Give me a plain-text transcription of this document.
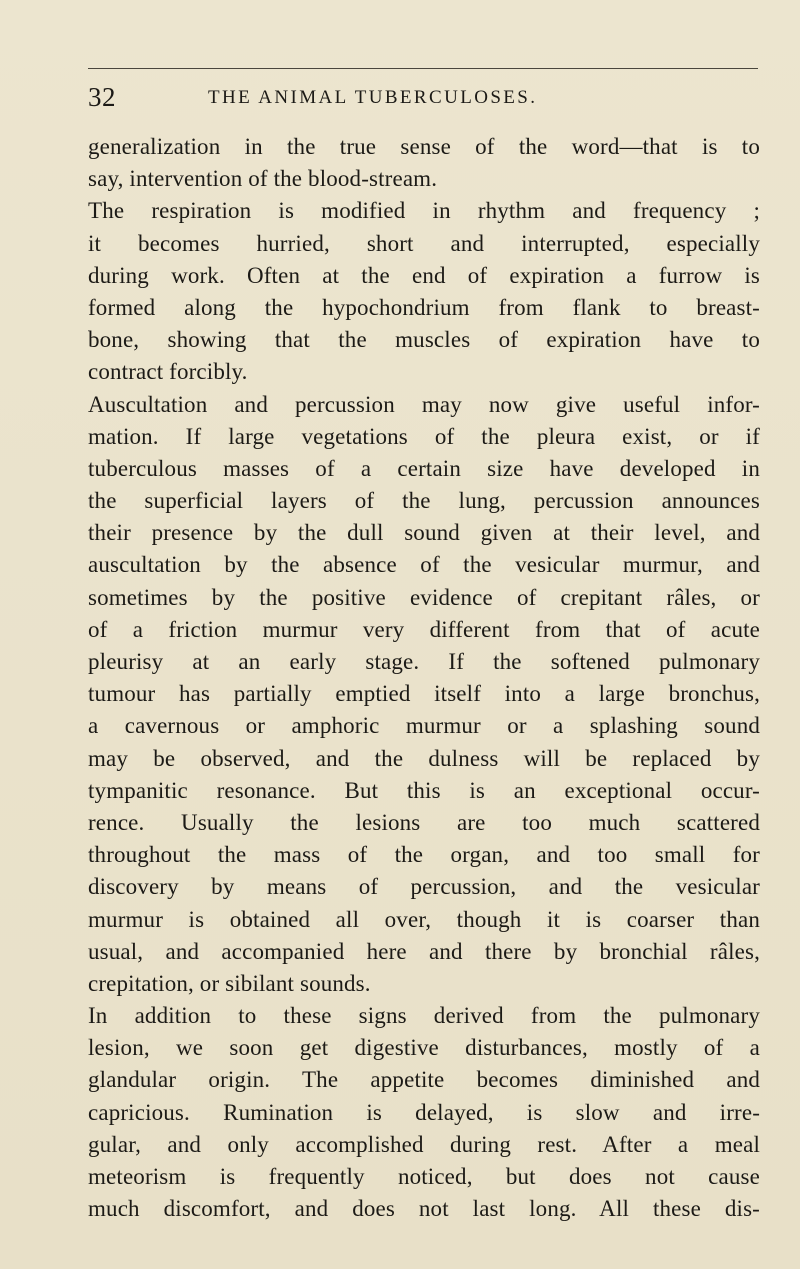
32	THE ANIMAL TUBERCULOSES.
generalization in the true sense of the word—that is to
say, intervention of the blood-stream.
The respiration is modified in rhythm and frequency ;
it becomes hurried, short and interrupted, especially
during work. Often at the end of expiration a furrow is
formed along the hypochondrium from flank to breast-
bone, showing that the muscles of expiration have to
contract forcibly.
Auscultation and percussion may now give useful infor-
mation. If large vegetations of the pleura exist, or if
tuberculous masses of a certain size have developed in
the superficial layers of the lung, percussion announces
their presence by the dull sound given at their level, and
auscultation by the absence of the vesicular murmur, and
sometimes by the positive evidence of crepitant râles, or
of a friction murmur very different from that of acute
pleurisy at an early stage. If the softened pulmonary
tumour has partially emptied itself into a large bronchus,
a cavernous or amphoric murmur or a splashing sound
may be observed, and the dulness will be replaced by
tympanitic resonance. But this is an exceptional occur-
rence. Usually the lesions are too much scattered
throughout the mass of the organ, and too small for
discovery by means of percussion, and the vesicular
murmur is obtained all over, though it is coarser than
usual, and accompanied here and there by bronchial râles,
crepitation, or sibilant sounds.
In addition to these signs derived from the pulmonary
lesion, we soon get digestive disturbances, mostly of a
glandular origin. The appetite becomes diminished and
capricious. Rumination is delayed, is slow and irre-
gular, and only accomplished during rest. After a meal
meteorism is frequently noticed, but does not cause
much discomfort, and does not last long. All these dis-
